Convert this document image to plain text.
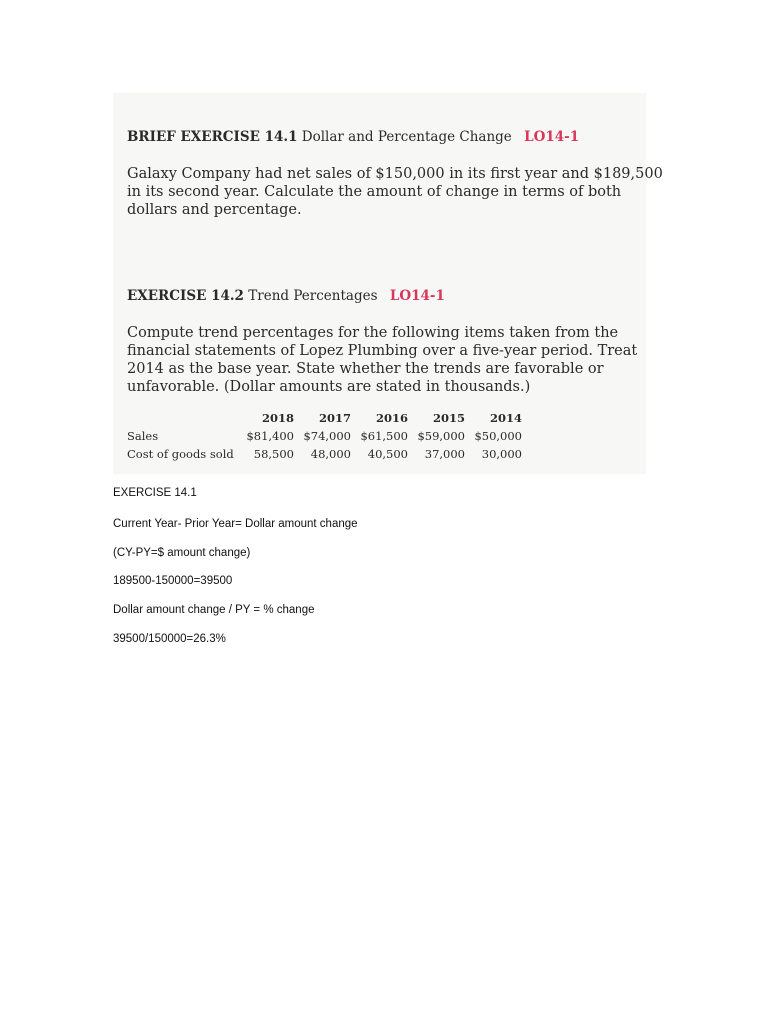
BRIEF EXERCISE 14.1 Dollar and Percentage Change LO14-1
Galaxy Company had net sales of $150,000 in its first year and $189,500
in its second year. Calculate the amount of change in terms of both
dollars and percentage.
EXERCISE 14.2 Trend Percentages LO14-1
Compute trend percentages for the following items taken from the
financial statements of Lopez Plumbing over a five-year period. Treat
2014 as the base year. State whether the trends are favorable or
unfavorable. (Dollar amounts are stated in thousands.)
2018	2017	2016	2015	2014
Sales	$81,400 $74,000 $61,500 $59,000 $50,000
Cost of goods sold	58,500	48,000	40,500	37,000	30,000
EXERCISE 14.1
Current Year- Prior Year= Dollar amount change
(CY-PY=$ amount change)
189500-150000=39500
Dollar amount change / PY = % change
39500/150000=26.3%
